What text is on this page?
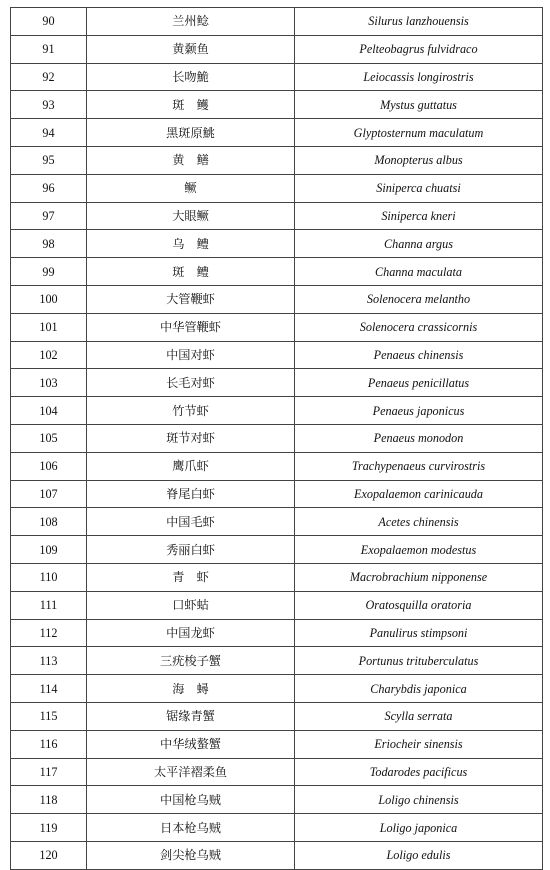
90	兰州鲶	Silurus lanzhouensis
91	黄颡鱼	Pelteobagrus fulvidraco
92	长吻鮠	Leiocassis longirostris
93	斑　鳠	Mystus guttatus
94	黑斑原鮡	Glyptosternum maculatum
95	黄　鳝	Monopterus albus
96	鳜	Siniperca chuatsi
97	大眼鳜	Siniperca kneri
98	乌　鳢	Channa argus
99	斑　鳢	Channa maculata
100	大管鞭虾	Solenocera melantho
101	中华管鞭虾	Solenocera crassicornis
102	中国对虾	Penaeus chinensis
103	长毛对虾	Penaeus penicillatus
104	竹节虾	Penaeus japonicus
105	斑节对虾	Penaeus monodon
106	鹰爪虾	Trachypenaeus curvirostris
107	脊尾白虾	Exopalaemon carinicauda
108	中国毛虾	Acetes chinensis
109	秀丽白虾	Exopalaemon modestus
110	青　虾	Macrobrachium nipponense
111	口虾蛄	Oratosquilla oratoria
112	中国龙虾	Panulirus stimpsoni
113	三疣梭子蟹	Portunus trituberculatus
114	海　蟳	Charybdis japonica
115	锯缘青蟹	Scylla serrata
116	中华绒螯蟹	Eriocheir sinensis
117	太平洋褶柔鱼	Todarodes pacificus
118	中国枪乌贼	Loligo chinensis
119	日本枪乌贼	Loligo japonica
120	剑尖枪乌贼	Loligo edulis
